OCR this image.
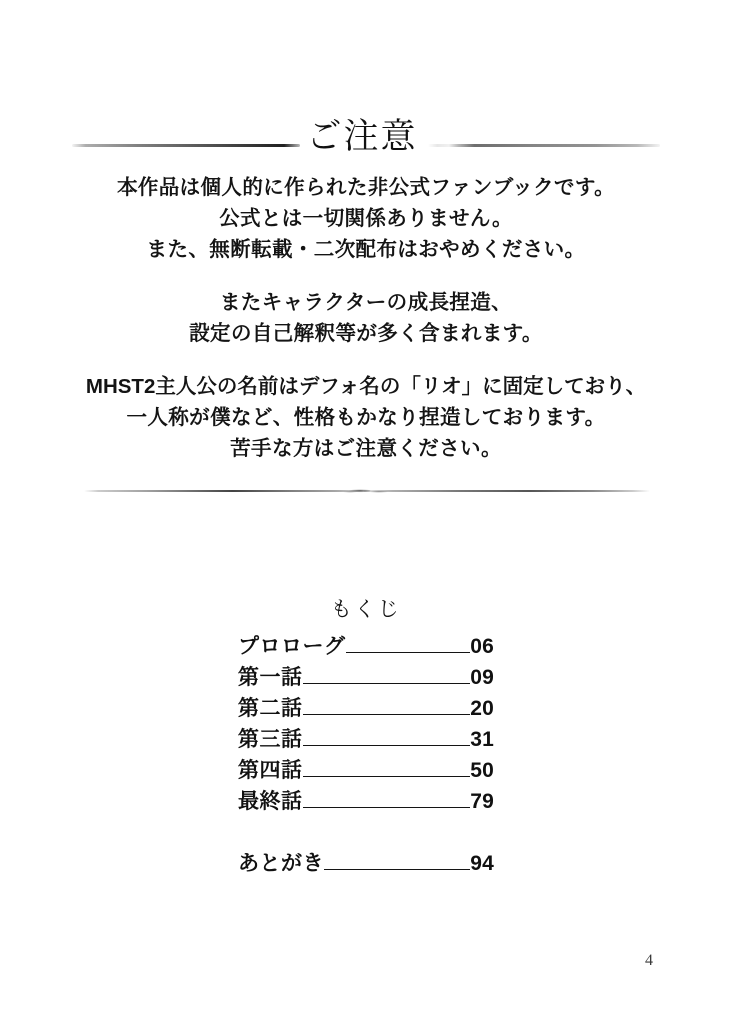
ご注意

本作品は個人的に作られた非公式ファンブックです。

公式とは一切関係ありません。

また、無断転載・二次配布はおやめください。

またキャラクターの成長捏造、

設定の自己解釈等が多く含まれます。

MHST2主人公の名前はデフォ名の「リオ」に固定しており、

一人称が僕など、性格もかなり捏造しております。

苦手な方はご注意ください。

もくじ
プロローグ	06
第一話	09
第二話	20
第三話	31
第四話	50
最終話	79
あとがき	94
4
